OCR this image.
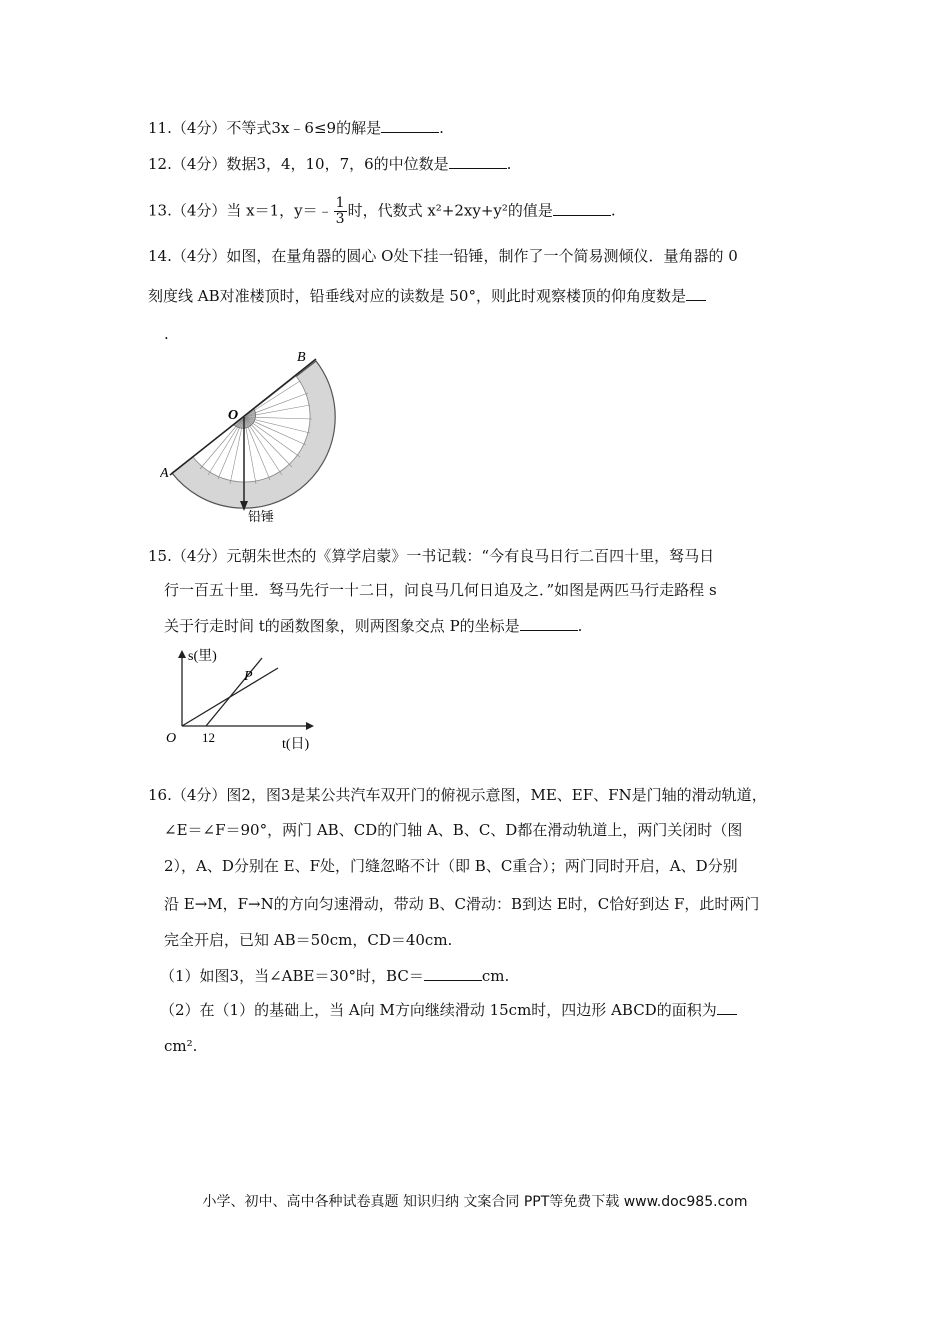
11.（4分）不等式3x﹣6≤9的解是	.
12.（4分）数据3，4，10，7，6的中位数是	.
13.（4分）当 x＝1，y＝﹣ $\frac{1}{3}$ 时，代数式 x²+2xy+y²的值是	.
14.（4分）如图，在量角器的圆心 O处下挂一铅锤，制作了一个简易测倾仪．量角器的 0
刻度线 AB对准楼顶时，铅垂线对应的读数是 50°，则此时观察楼顶的仰角度数是
.
A
B
O
铅锤
15.（4分）元朝朱世杰的《算学启蒙》一书记载：“今有良马日行二百四十里，驽马日
行一百五十里．驽马先行一十二日，问良马几何日追及之．”如图是两匹马行走路程 s
关于行走时间 t的函数图象，则两图象交点 P的坐标是	.
s(里)
t(日)
O 12
P
16.（4分）图2，图3是某公共汽车双开门的俯视示意图，ME、EF、FN是门轴的滑动轨道，
∠E＝∠F＝90°，两门 AB、CD的门轴 A、B、C、D都在滑动轨道上，两门关闭时（图
2），A、D分别在 E、F处，门缝忽略不计（即 B、C重合）；两门同时开启，A、D分别
沿 E→M，F→N的方向匀速滑动，带动 B、C滑动：B到达 E时，C恰好到达 F，此时两门
完全开启，已知 AB＝50cm，CD＝40cm.
（1）如图3，当∠ABE＝30°时，BC＝	cm.
（2）在（1）的基础上，当 A向 M方向继续滑动 15cm时，四边形 ABCD的面积为
cm².
小学、初中、高中各种试卷真题 知识归纳 文案合同 PPT等免费下载 www.doc985.com
